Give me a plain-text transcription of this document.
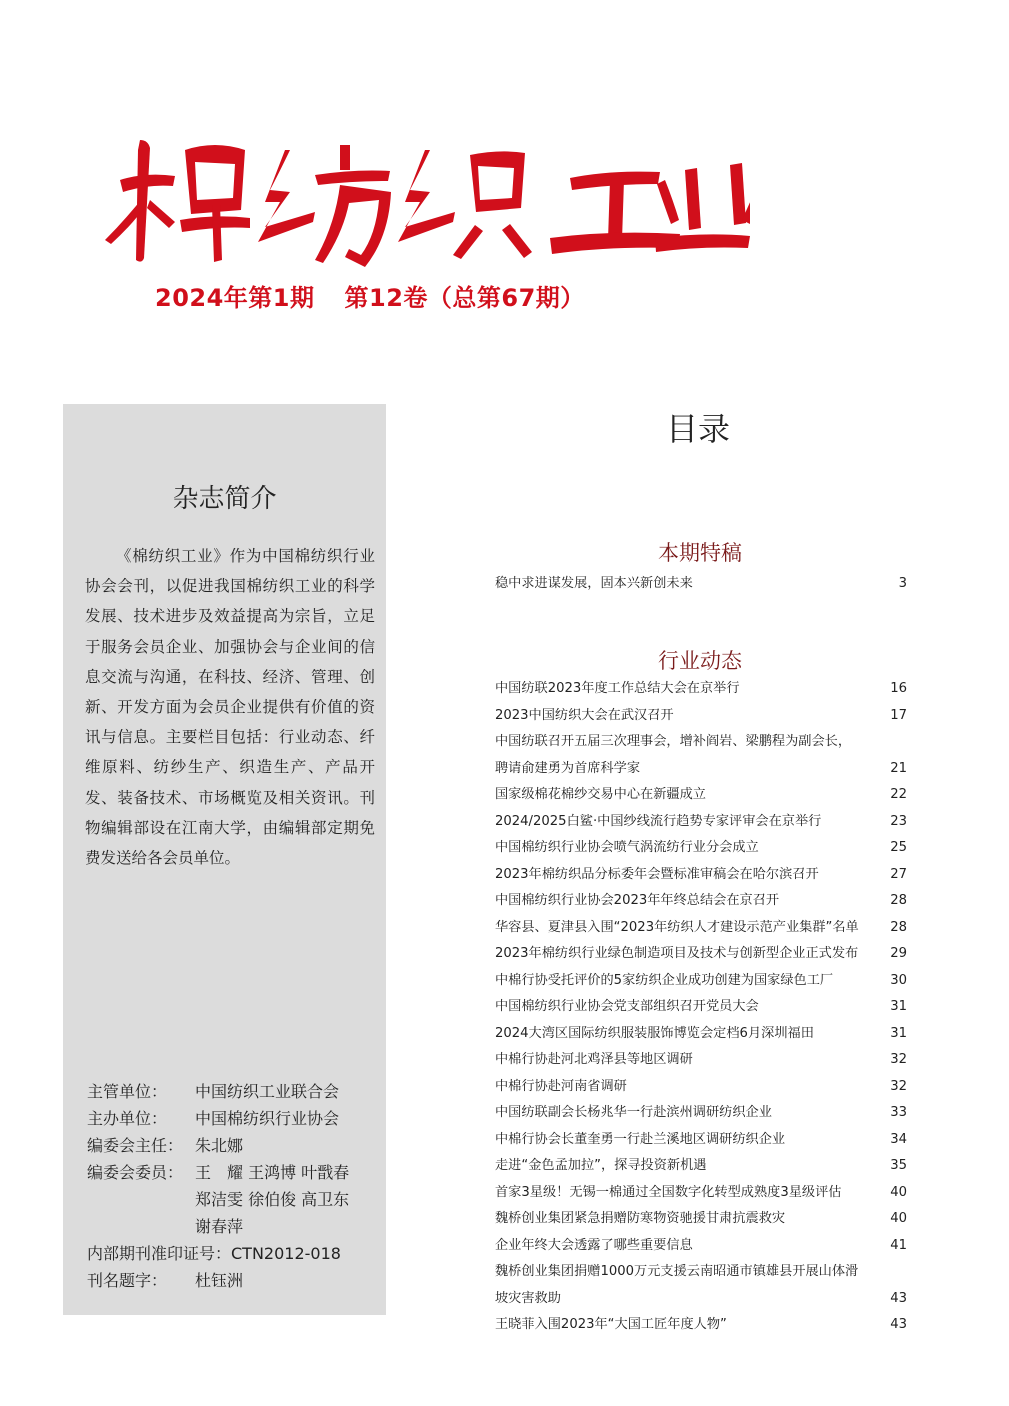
棉纺织工业
2024年第1期 第12卷（总第67期）
杂志简介
《棉纺织工业》作为中国棉纺织行业协会会刊，以促进我国棉纺织工业的科学发展、技术进步及效益提高为宗旨，立足于服务会员企业、加强协会与企业间的信息交流与沟通，在科技、经济、管理、创新、开发方面为会员企业提供有价值的资讯与信息。主要栏目包括：行业动态、纤维原料、纺纱生产、织造生产、产品开发、装备技术、市场概览及相关资讯。刊物编辑部设在江南大学，由编辑部定期免费发送给各会员单位。
主管单位：	中国纺织工业联合会
主办单位：	中国棉纺织行业协会
编委会主任： 朱北娜
编委会委员： 王　耀 王鸿博 叶戬春
郑洁雯 徐伯俊 高卫东
谢春萍
内部期刊准印证号：CTN2012-018
刊名题字：	杜钰洲
目录
本期特稿
稳中求进谋发展，固本兴新创未来	3
行业动态
中国纺联2023年度工作总结大会在京举行	16
2023中国纺织大会在武汉召开	17
中国纺联召开五届三次理事会，增补阎岩、梁鹏程为副会长，
聘请俞建勇为首席科学家	21
国家级棉花棉纱交易中心在新疆成立	22
2024/2025白鲨·中国纱线流行趋势专家评审会在京举行	23
中国棉纺织行业协会喷气涡流纺行业分会成立	25
2023年棉纺织品分标委年会暨标准审稿会在哈尔滨召开	27
中国棉纺织行业协会2023年年终总结会在京召开	28
华容县、夏津县入围“2023年纺织人才建设示范产业集群”名单 28
2023年棉纺织行业绿色制造项目及技术与创新型企业正式发布 29
中棉行协受托评价的5家纺织企业成功创建为国家绿色工厂	30
中国棉纺织行业协会党支部组织召开党员大会	31
2024大湾区国际纺织服装服饰博览会定档6月深圳福田	31
中棉行协赴河北鸡泽县等地区调研	32
中棉行协赴河南省调研	32
中国纺联副会长杨兆华一行赴滨州调研纺织企业	33
中棉行协会长董奎勇一行赴兰溪地区调研纺织企业	34
走进“金色孟加拉”，探寻投资新机遇	35
首家3星级！无锡一棉通过全国数字化转型成熟度3星级评估	40
魏桥创业集团紧急捐赠防寒物资驰援甘肃抗震救灾	40
企业年终大会透露了哪些重要信息	41
魏桥创业集团捐赠1000万元支援云南昭通市镇雄县开展山体滑
坡灾害救助	43
王晓菲入围2023年“大国工匠年度人物”	43
